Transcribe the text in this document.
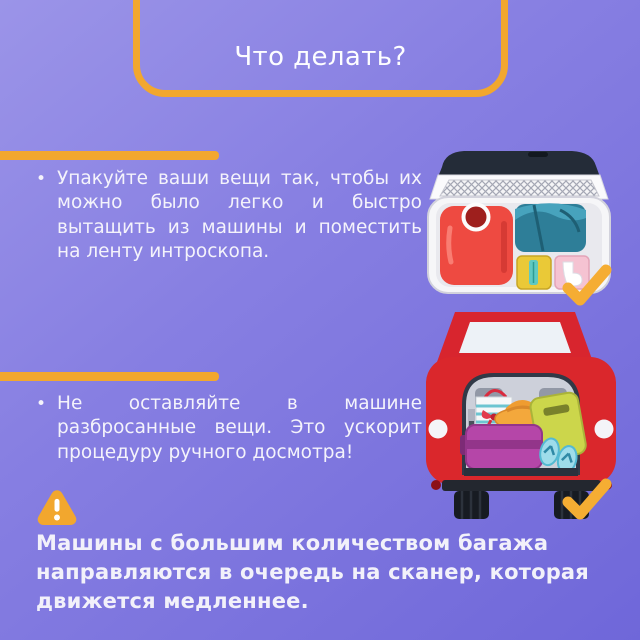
Что делать?
• Упакуйте ваши вещи так, чтобы их можно было легко и быстро вытащить из машины и поместить на ленту интроскопа.
• Не оставляйте в машине разбросанные вещи. Это ускорит процедуру ручного досмотра!
Машины с большим количеством багажа направляются в очередь на сканер, которая движется медленнее.
